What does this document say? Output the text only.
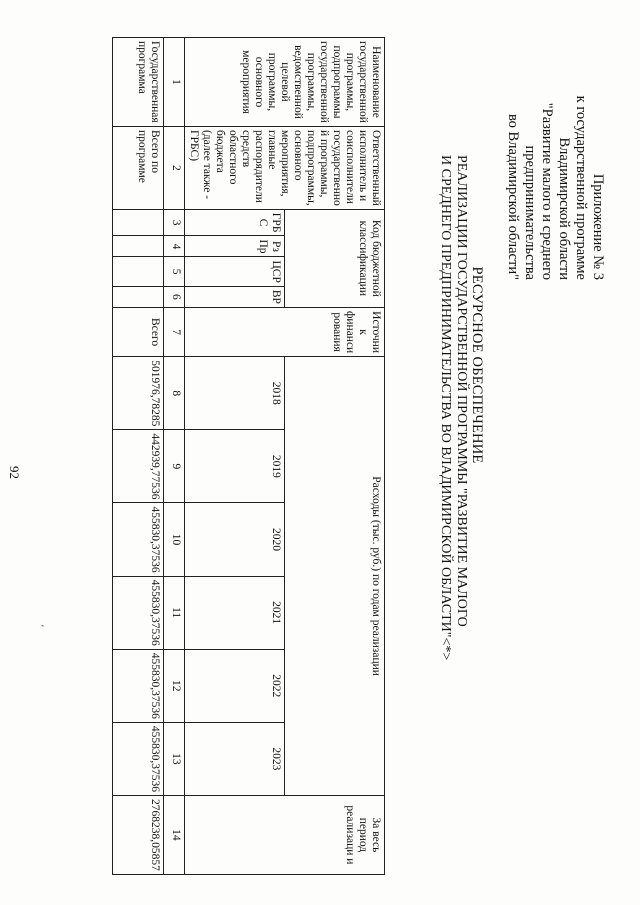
92
‘
Приложение № 3
к государственной программе
Владимирской области
"Развитие малого и среднего
предпринимательства
во Владимирской области"
РЕСУРСНОЕ ОБЕСПЕЧЕНИЕ
РЕАЛИЗАЦИИ ГОСУДАРСТВЕННОЙ ПРОГРАММЫ "РАЗВИТИЕ МАЛОГО
И СРЕДНЕГО ПРЕДПРИНИМАТЕЛЬСТВА ВО ВЛАДИМИРСКОЙ ОБЛАСТИ"<*>
Наименование государственной программы, подпрограммы государственной программы, ведомственной целевой программы, основного мероприятия	Ответственный исполнитель и соисполнители государственно й программы, подпрограммы, основного мероприятия, главные распорядители средств областного бюджета (далее также - ГРБС)	Код бюджетной классификации				Источни к финанси рования	Расходы (тыс. руб.) по годам реализации						За весь период реализаци и
		ГРБ С	Рз Пр	ЦСР	ВР		2018	2019	2020	2021	2022	2023	
1	2	3	4	5	6	7	8	9	10	11	12	13	14
Государственная программа	Всего по программе					Всего	501976,78285	442939,77536	455830,37536	455830,37536	455830,37536	455830,37536	2768238,05857
